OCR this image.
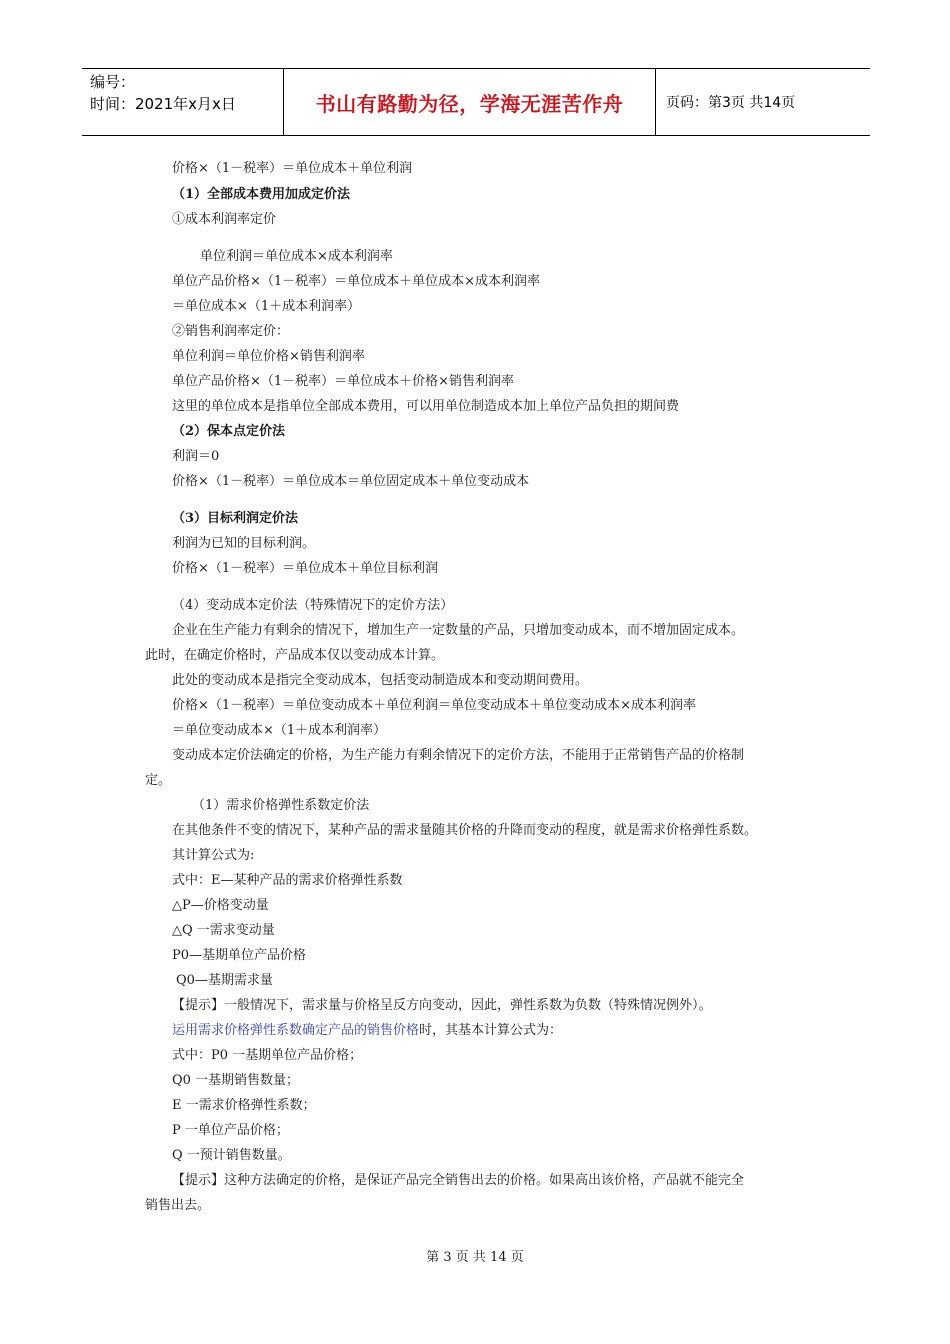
编号：
时间：2021年x月x日	书山有路勤为径，学海无涯苦作舟	页码：第3页 共14页
价格×（1－税率）＝单位成本＋单位利润
（1）全部成本费用加成定价法
①成本利润率定价
单位利润＝单位成本×成本利润率
单位产品价格×（1－税率）＝单位成本＋单位成本×成本利润率
＝单位成本×（1＋成本利润率）
②销售利润率定价：
单位利润＝单位价格×销售利润率
单位产品价格×（1－税率）＝单位成本＋价格×销售利润率
这里的单位成本是指单位全部成本费用，可以用单位制造成本加上单位产品负担的期间费
（2）保本点定价法
利润＝0
价格×（1－税率）＝单位成本＝单位固定成本＋单位变动成本
（3）目标利润定价法
利润为已知的目标利润。
价格×（1－税率）＝单位成本＋单位目标利润
（4）变动成本定价法（特殊情况下的定价方法）
企业在生产能力有剩余的情况下，增加生产一定数量的产品，只增加变动成本，而不增加固定成本。
此时，在确定价格时，产品成本仅以变动成本计算。
此处的变动成本是指完全变动成本，包括变动制造成本和变动期间费用。
价格×（1－税率）＝单位变动成本＋单位利润＝单位变动成本＋单位变动成本×成本利润率
＝单位变动成本×（1＋成本利润率）
变动成本定价法确定的价格，为生产能力有剩余情况下的定价方法，不能用于正常销售产品的价格制
定。
（1）需求价格弹性系数定价法
在其他条件不变的情况下，某种产品的需求量随其价格的升降而变动的程度，就是需求价格弹性系数。
其计算公式为:
式中：E—某种产品的需求价格弹性系数
△P—价格变动量
△Q 一需求变动量
P0—基期单位产品价格
Q0—基期需求量
【提示】一般情况下，需求量与价格呈反方向变动，因此，弹性系数为负数（特殊情况例外）。
运用需求价格弹性系数确定产品的销售价格时，其基本计算公式为：
式中：P0 一基期单位产品价格；
Q0 一基期销售数量；
E 一需求价格弹性系数；
P 一单位产品价格；
Q 一预计销售数量。
【提示】这种方法确定的价格，是保证产品完全销售出去的价格。如果高出该价格，产品就不能完全
销售出去。
第 3 页 共 14 页
